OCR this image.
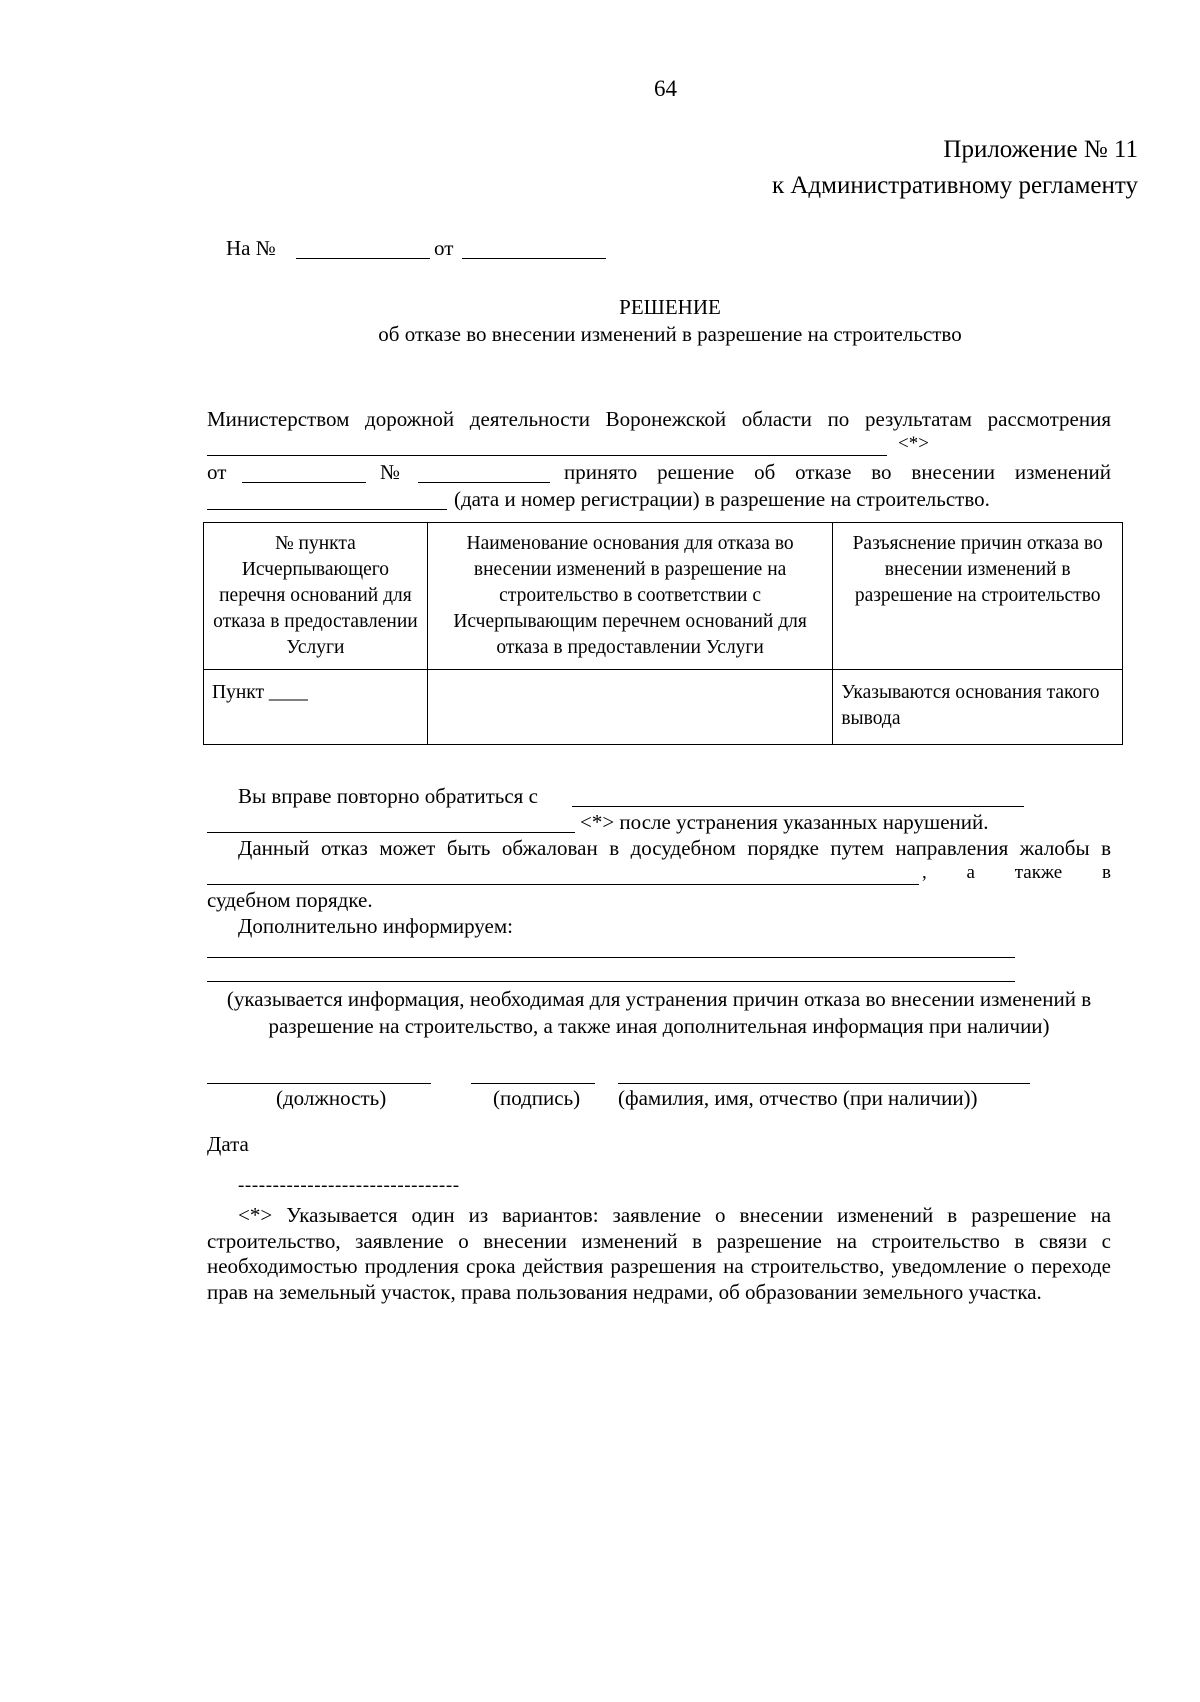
64
Приложение № 11
к Административному регламенту
На №	от
РЕШЕНИЕ
об отказе во внесении изменений в разрешение на строительство
Министерством дорожной деятельности Воронежской области по результатам рассмотрения
<*>
от	№	принято решение об отказе во внесении изменений
(дата и номер регистрации) в разрешение на строительство.
№ пункта Исчерпывающего перечня оснований для отказа в предоставлении Услуги	Наименование основания для отказа во внесении изменений в разрешение на строительство в соответствии с Исчерпывающим перечнем оснований для отказа в предоставлении Услуги	Разъяснение причин отказа во внесении изменений в разрешение на строительство
Пункт ____		Указываются основания такого вывода
Вы вправе повторно обратиться с
<*> после устранения указанных нарушений.
Данный отказ может быть обжалован в досудебном порядке путем направления жалобы в
, а также в
судебном порядке.
Дополнительно информируем:
(указывается информация, необходимая для устранения причин отказа во внесении изменений в разрешение на строительство, а также иная дополнительная информация при наличии)
(должность)	(подпись) (фамилия, имя, отчество (при наличии))
Дата
--------------------------------
<*> Указывается один из вариантов: заявление о внесении изменений в разрешение на строительство, заявление о внесении изменений в разрешение на строительство в связи с необходимостью продления срока действия разрешения на строительство, уведомление о переходе прав на земельный участок, права пользования недрами, об образовании земельного участка.
